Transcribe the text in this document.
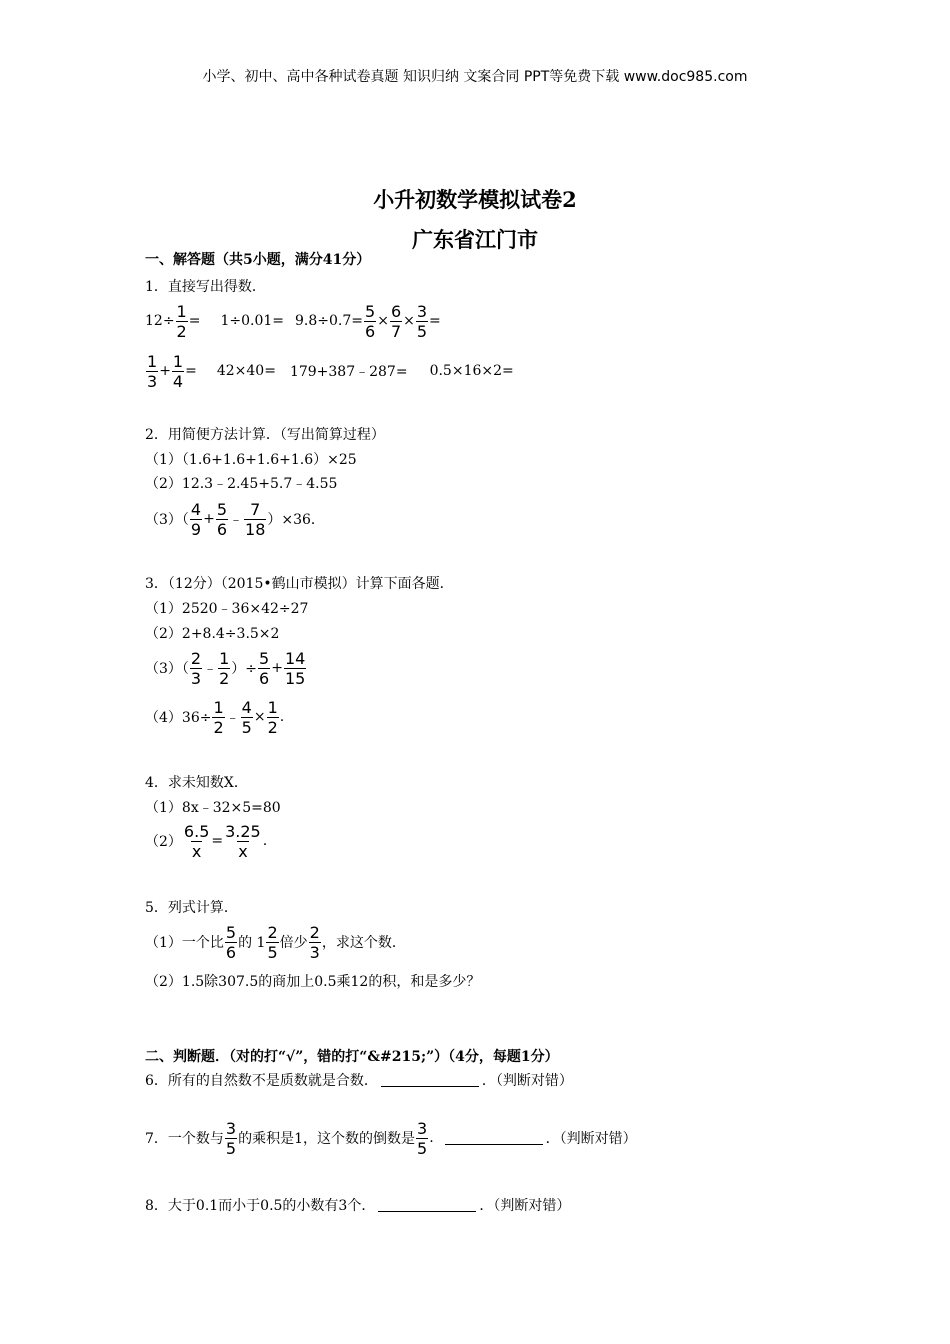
小学、初中、高中各种试卷真题 知识归纳 文案合同 PPT等免费下载 www.doc985.com
小升初数学模拟试卷2
广东省江门市
一、解答题（共5小题，满分41分）
1．直接写出得数．
$12\div \frac{1}{2} = 1\div 0.01= 9.8\div 0.7= \frac{5}{6} \times \frac{6}{7} \times \frac{3}{5}$ =
$\frac{1}{3} + \frac{1}{4} = 42\times 40=$ 179+387﹣287= 0.5×16×2=
2．用简便方法计算．（写出简算过程）
（1）（1.6+1.6+1.6+1.6）×25
（2）12.3﹣2.45+5.7﹣4.55
$(3)( \frac{4}{9} + \frac{5}{6}$ ﹣ $\frac{7}{18} )\times 36$．
3．（12分）（2015•鹤山市模拟）计算下面各题．
（1）2520﹣36×42÷27
（2）2+8.4÷3.5×2
$(3)( \frac{2}{3}$ ﹣ $\frac{1}{2}$ ）÷ $\frac{5}{6} + \frac{14}{15}$
$(4)36\div \frac{1}{2}$ ﹣ $\frac{4}{5} \times \frac{1}{2}$ .
4．求未知数X．
（1）8x﹣32×5=80
$(2) \frac{6.5}{x} = \frac{3.25}{x}$ .
5．列式计算．
（1）一个比 $\frac{5}{6}$ 的 $1 \frac{2}{5}$ 倍少 $\frac{2}{3}$ ，求这个数．
（2）1.5除307.5的商加上0.5乘12的积，和是多少？
二、判断题．（对的打“√”，错的打“&#215;”）（4分，每题1分）
6．所有的自然数不是质数就是合数．	．（判断对错）
7．一个数与 $\frac{3}{5}$ 的乘积是1，这个数的倒数是 $\frac{3}{5}$ .	．（判断对错）
8．大于0.1而小于0.5的小数有3个．	．（判断对错）
